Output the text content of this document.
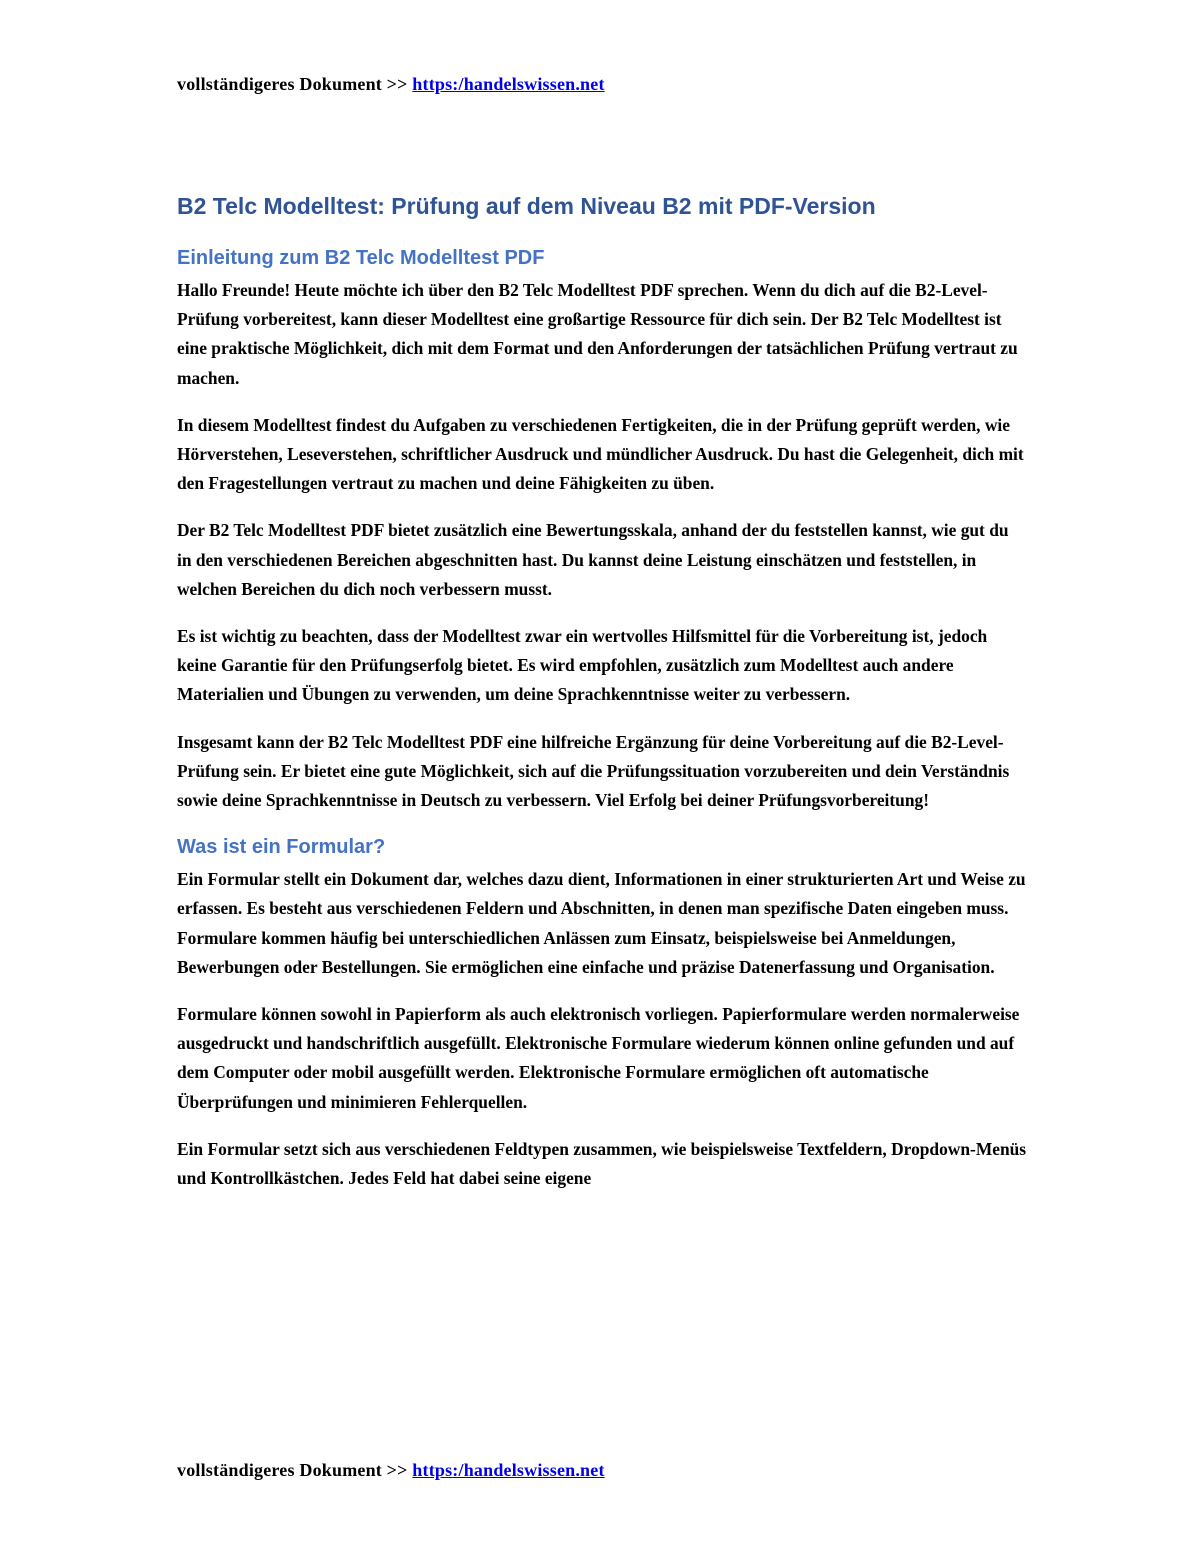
vollständigeres Dokument >> https:/handelswissen.net
B2 Telc Modelltest: Prüfung auf dem Niveau B2 mit PDF-Version
Einleitung zum B2 Telc Modelltest PDF

Hallo Freunde! Heute möchte ich über den B2 Telc Modelltest PDF sprechen. Wenn du dich auf die B2-Level-Prüfung vorbereitest, kann dieser Modelltest eine großartige Ressource für dich sein. Der B2 Telc Modelltest ist eine praktische Möglichkeit, dich mit dem Format und den Anforderungen der tatsächlichen Prüfung vertraut zu machen.

In diesem Modelltest findest du Aufgaben zu verschiedenen Fertigkeiten, die in der Prüfung geprüft werden, wie Hörverstehen, Leseverstehen, schriftlicher Ausdruck und mündlicher Ausdruck. Du hast die Gelegenheit, dich mit den Fragestellungen vertraut zu machen und deine Fähigkeiten zu üben.

Der B2 Telc Modelltest PDF bietet zusätzlich eine Bewertungsskala, anhand der du feststellen kannst, wie gut du in den verschiedenen Bereichen abgeschnitten hast. Du kannst deine Leistung einschätzen und feststellen, in welchen Bereichen du dich noch verbessern musst.

Es ist wichtig zu beachten, dass der Modelltest zwar ein wertvolles Hilfsmittel für die Vorbereitung ist, jedoch keine Garantie für den Prüfungserfolg bietet. Es wird empfohlen, zusätzlich zum Modelltest auch andere Materialien und Übungen zu verwenden, um deine Sprachkenntnisse weiter zu verbessern.

Insgesamt kann der B2 Telc Modelltest PDF eine hilfreiche Ergänzung für deine Vorbereitung auf die B2-Level-Prüfung sein. Er bietet eine gute Möglichkeit, sich auf die Prüfungssituation vorzubereiten und dein Verständnis sowie deine Sprachkenntnisse in Deutsch zu verbessern. Viel Erfolg bei deiner Prüfungsvorbereitung!

Was ist ein Formular?

Ein Formular stellt ein Dokument dar, welches dazu dient, Informationen in einer strukturierten Art und Weise zu erfassen. Es besteht aus verschiedenen Feldern und Abschnitten, in denen man spezifische Daten eingeben muss. Formulare kommen häufig bei unterschiedlichen Anlässen zum Einsatz, beispielsweise bei Anmeldungen, Bewerbungen oder Bestellungen. Sie ermöglichen eine einfache und präzise Datenerfassung und Organisation.

Formulare können sowohl in Papierform als auch elektronisch vorliegen. Papierformulare werden normalerweise ausgedruckt und handschriftlich ausgefüllt. Elektronische Formulare wiederum können online gefunden und auf dem Computer oder mobil ausgefüllt werden. Elektronische Formulare ermöglichen oft automatische Überprüfungen und minimieren Fehlerquellen.

Ein Formular setzt sich aus verschiedenen Feldtypen zusammen, wie beispielsweise Textfeldern, Dropdown-Menüs und Kontrollkästchen. Jedes Feld hat dabei seine eigene

vollständigeres Dokument >> https:/handelswissen.net
